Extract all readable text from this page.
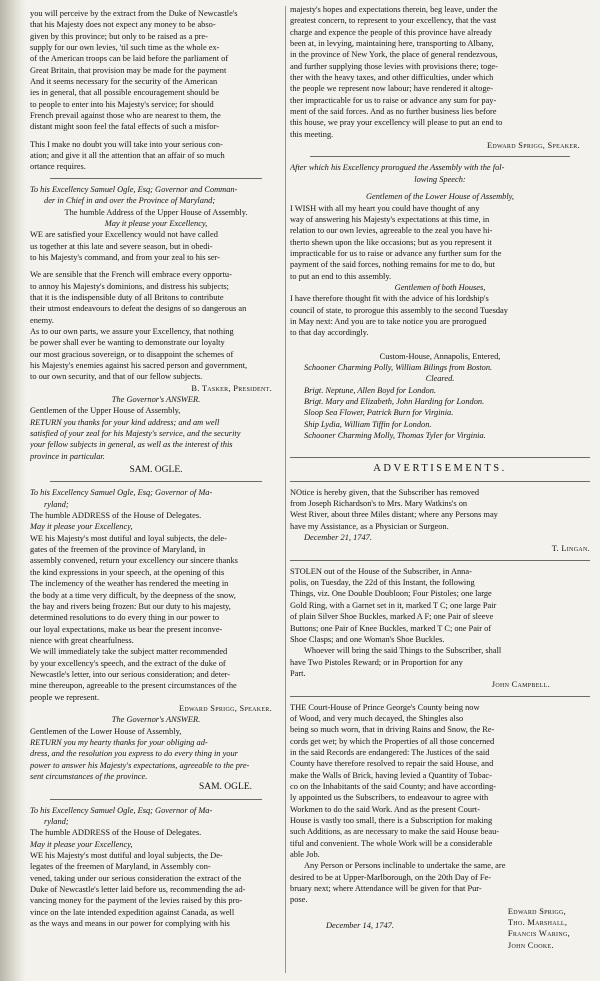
you will perceive by the extract from the Duke of Newcastle's

that his Majesty does not expect any money to be abso-

given by this province; but only to be raised as a pre-

supply for our own levies, 'til such time as the whole ex-

of the American troops can be laid before the parliament of

Great Britain, that provision may be made for the payment

And it seems necessary for the security of the American

ies in general, that all possible encouragement should be

to people to enter into his Majesty's service; for should

French prevail against those who are nearest to them, the

distant might soon feel the fatal effects of such a misfor-

This I make no doubt you will take into your serious con-

ation; and give it all the attention that an affair of so much

ortance requires.

To his Excellency Samuel Ogle, Esq; Governor and Comman-

der in Chief in and over the Province of Maryland;

The humble Address of the Upper House of Assembly.

May it please your Excellency,

WE are satisfied your Excellency would not have called

us together at this late and severe season, but in obedi-

to his Majesty's command, and from your zeal to his ser-

We are sensible that the French will embrace every opportu-

to annoy his Majesty's dominions, and distress his subjects;

that it is the indispensible duty of all Britons to contribute

their utmost endeavours to defeat the designs of so dangerous an

enemy.

As to our own parts, we assure your Excellency, that nothing

be power shall ever be wanting to demonstrate our loyalty

our most gracious sovereign, or to disappoint the schemes of

his Majesty's enemies against his sacred person and government,

to our own security, and that of our fellow subjects.

B. Tasker, President.

The Governor's ANSWER.

Gentlemen of the Upper House of Assembly,

RETURN you thanks for your kind address; and am well

satisfied of your zeal for his Majesty's service, and the security

your fellow subjects in general, as well as the interest of this

province in particular.

SAM. OGLE.

To his Excellency Samuel Ogle, Esq; Governor of Ma-

ryland;

The humble ADDRESS of the House of Delegates.

May it please your Excellency,

WE his Majesty's most dutiful and loyal subjects, the dele-

gates of the freemen of the province of Maryland, in

assembly convened, return your excellency our sincere thanks

the kind expressions in your speech, at the opening of this

The inclemency of the weather has rendered the meeting in

the body at a time very difficult, by the deepness of the snow,

the bay and rivers being frozen: But our duty to his majesty,

determined resolutions to do every thing in our power to

our loyal expectations, make us bear the present inconve-

nience with great chearfulness.

We will immediately take the subject matter recommended

by your excellency's speech, and the extract of the duke of

Newcastle's letter, into our serious consideration; and deter-

mine thereupon, agreeable to the present circumstances of the

people we represent.

Edward Sprigg, Speaker.

The Governor's ANSWER.

Gentlemen of the Lower House of Assembly,

RETURN you my hearty thanks for your obliging ad-

dress, and the resolution you express to do every thing in your

power to answer his Majesty's expectations, agreeable to the pre-

sent circumstances of the province.

SAM. OGLE.

To his Excellency Samuel Ogle, Esq; Governor of Ma-

ryland;

The humble ADDRESS of the House of Delegates.

May it please your Excellency,

WE his Majesty's most dutiful and loyal subjects, the De-

legates of the freemen of Maryland, in Assembly con-

vened, taking under our serious consideration the extract of the

Duke of Newcastle's letter laid before us, recommending the ad-

vancing money for the payment of the levies raised by this pro-

vince on the late intended expedition against Canada, as well

as the ways and means in our power for complying with his

majesty's hopes and expectations therein, beg leave, under the

greatest concern, to represent to your excellency, that the vast

charge and expence the people of this province have already

been at, in levying, maintaining here, transporting to Albany,

in the province of New York, the place of general rendezvous,

and further supplying those levies with provisions there; toge-

ther with the heavy taxes, and other difficulties, under which

the people we represent now labour; have rendered it altoge-

ther impracticable for us to raise or advance any sum for pay-

ment of the said forces. And as no further business lies before

this house, we pray your excellency will please to put an end to

this meeting.

Edward Sprigg, Speaker.

After which his Excellency prorogued the Assembly with the fol-

lowing Speech:

Gentlemen of the Lower House of Assembly,

I WISH with all my heart you could have thought of any

way of answering his Majesty's expectations at this time, in

relation to our own levies, agreeable to the zeal you have hi-

therto shewn upon the like occasions; but as you represent it

impracticable for us to raise or advance any further sum for the

payment of the said forces, nothing remains for me to do, but

to put an end to this assembly.

Gentlemen of both Houses,

I have therefore thought fit with the advice of his lordship's

council of state, to prorogue this assembly to the second Tuesday

in May next: And you are to take notice you are prorogued

to that day accordingly.

Custom-House, Annapolis, Entered,

Schooner Charming Polly, William Bilings from Boston.

Cleared.

Brigt. Neptune, Allen Boyd for London.

Brigt. Mary and Elizabeth, John Harding for London.

Sloop Sea Flower, Patrick Burn for Virginia.

Ship Lydia, William Tiffin for London.

Schooner Charming Molly, Thomas Tyler for Virginia.

ADVERTISEMENTS.

NOtice is hereby given, that the Subscriber has removed

from Joseph Richardson's to Mrs. Mary Watkins's on

West River, about three Miles distant; where any Persons may

have my Assistance, as a Physician or Surgeon.

December 21, 1747.

T. Lingan.

STOLEN out of the House of the Subscriber, in Anna-

polis, on Tuesday, the 22d of this Instant, the following

Things, viz. One Double Doubloon; Four Pistoles; one large

Gold Ring, with a Garnet set in it, marked T C; one large Pair

of plain Silver Shoe Buckles, marked A F; one Pair of sleeve

Buttons; one Pair of Knee Buckles, marked T C; one Pair of

Shoe Clasps; and one Woman's Shoe Buckles.

Whoever will bring the said Things to the Subscriber, shall

have Two Pistoles Reward; or in Proportion for any

Part.

John Campbell.

THE Court-House of Prince George's County being now

of Wood, and very much decayed, the Shingles also

being so much worn, that in driving Rains and Snow, the Re-

cords get wet; by which the Properties of all those concerned

in the said Records are endangered: The Justices of the said

County have therefore resolved to repair the said House, and

make the Walls of Brick, having levied a Quantity of Tobac-

co on the Inhabitants of the said County; and have according-

ly appointed us the Subscribers, to endeavour to agree with

Workmen to do the said Work. And as the present Court-

House is vastly too small, there is a Subscription for making

such Additions, as are necessary to make the said House beau-

tiful and convenient. The whole Work will be a considerable

able Job.

Any Person or Persons inclinable to undertake the same, are

desired to be at Upper-Marlborough, on the 20th Day of Fe-

bruary next; where Attendance will be given for that Pur-

pose.

December 14, 1747.

Edward Sprigg,

Tho. Marshall,

Francis Waring,

John Cooke.
